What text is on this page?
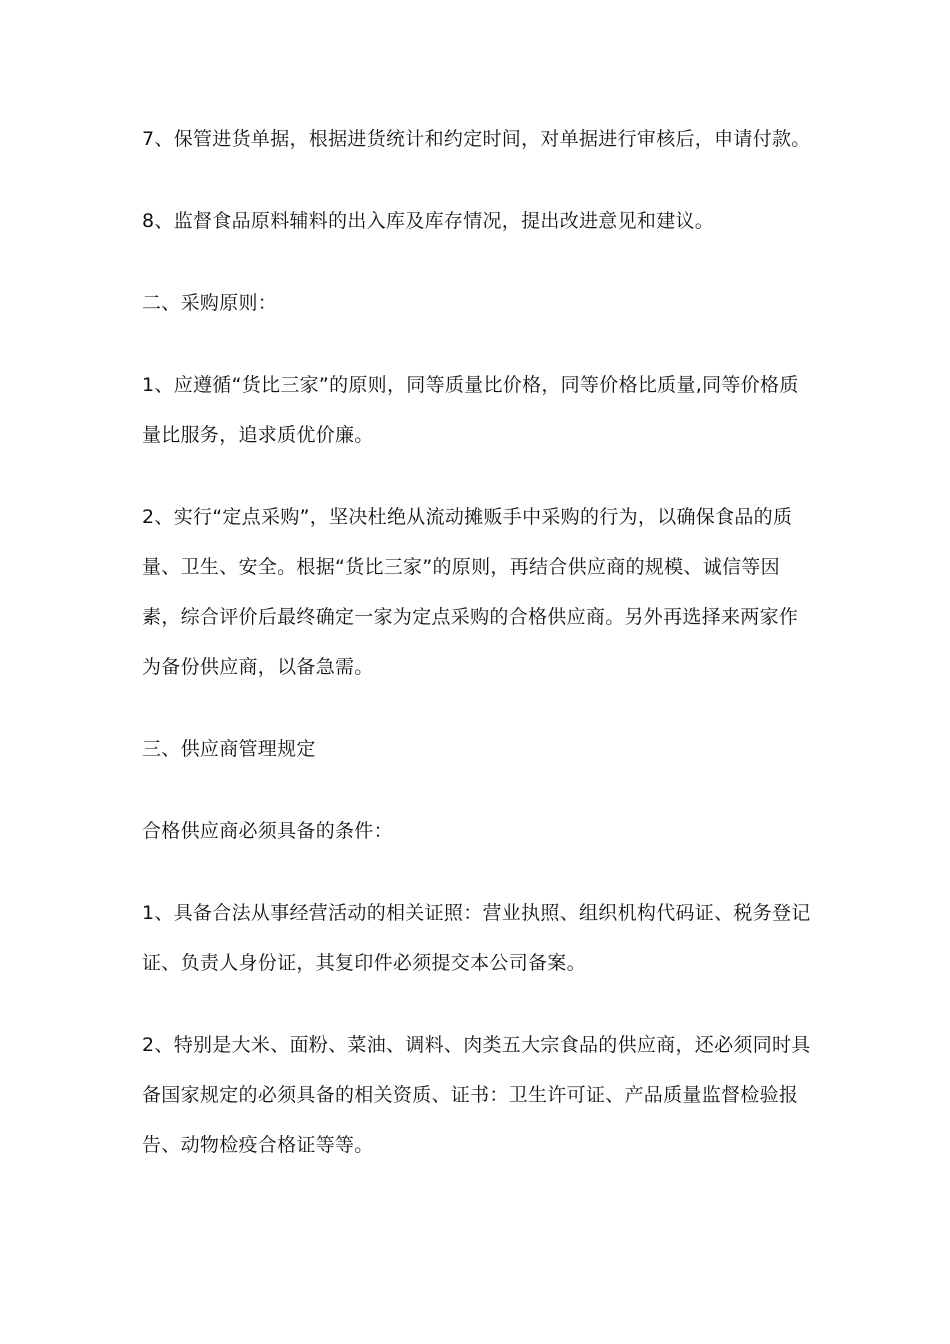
7、保管进货单据，根据进货统计和约定时间，对单据进行审核后，申请付款。

8、监督食品原料辅料的出入库及库存情况，提出改进意见和建议。

二、采购原则：

1、应遵循“货比三家”的原则，同等质量比价格，同等价格比质量,同等价格质量比服务，追求质优价廉。

2、实行“定点采购”，坚决杜绝从流动摊贩手中采购的行为，以确保食品的质量、卫生、安全。根据“货比三家”的原则，再结合供应商的规模、诚信等因素，综合评价后最终确定一家为定点采购的合格供应商。另外再选择来两家作为备份供应商，以备急需。

三、供应商管理规定

合格供应商必须具备的条件：

1、具备合法从事经营活动的相关证照：营业执照、组织机构代码证、税务登记证、负责人身份证，其复印件必须提交本公司备案。

2、特别是大米、面粉、菜油、调料、肉类五大宗食品的供应商，还必须同时具备国家规定的必须具备的相关资质、证书：卫生许可证、产品质量监督检验报告、动物检疫合格证等等。
